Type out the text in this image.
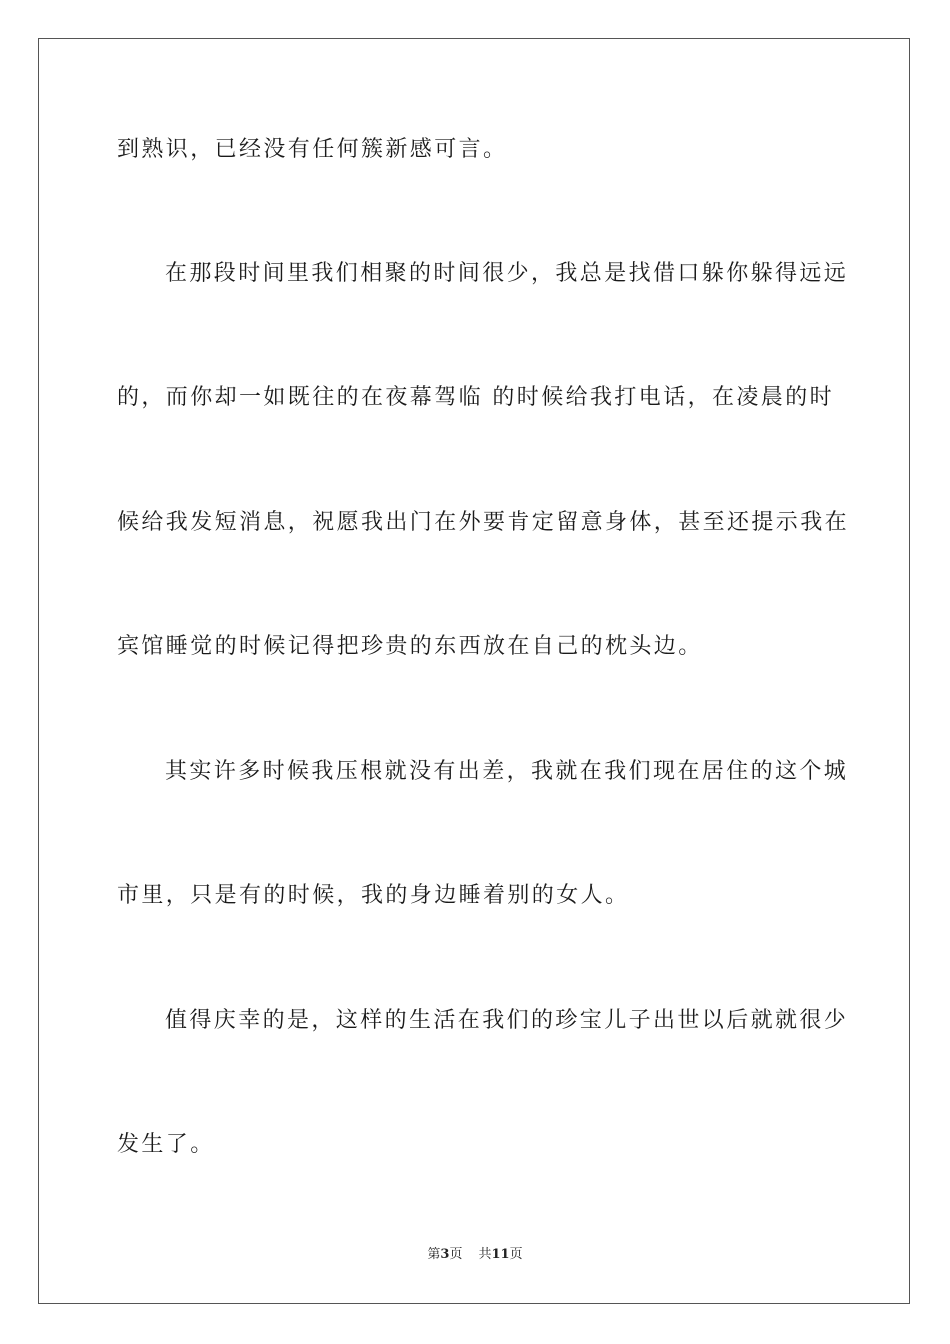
到熟识，已经没有任何簇新感可言。
在那段时间里我们相聚的时间很少，我总是找借口躲你躲得远远
的，而你却一如既往的在夜幕驾临 的时候给我打电话，在凌晨的时
候给我发短消息，祝愿我出门在外要肯定留意身体，甚至还提示我在
宾馆睡觉的时候记得把珍贵的东西放在自己的枕头边。
其实许多时候我压根就没有出差，我就在我们现在居住的这个城
市里，只是有的时候，我的身边睡着别的女人。
值得庆幸的是，这样的生活在我们的珍宝儿子出世以后就就很少
发生了。
第3页 共11页
